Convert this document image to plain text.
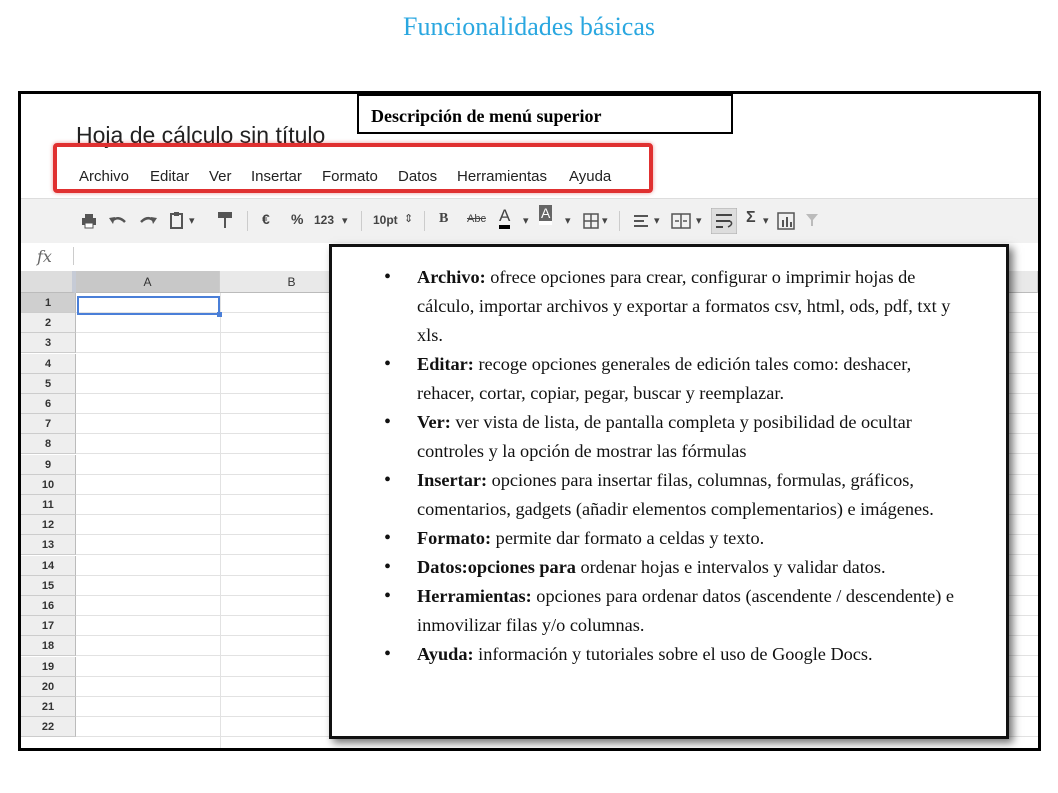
Funcionalidades básicas
Hoja de cálculo sin título
Descripción de menú superior
Archivo Editar Ver Insertar Formato Datos Herramientas Ayuda
▾	€ % 123 ▾ 10pt ⇕ B Abc A ▾ A ▾	▾	▾	▾	Σ ▾
fx
A	B
1
2
3
4
5
6
7
8
9
10
11
12
13
14
15
16
17
18
19
20
21
22
• Archivo: ofrece opciones para crear, configurar o imprimir hojas de cálculo, importar archivos y exportar a formatos csv, html, ods, pdf, txt y xls.
• Editar: recoge opciones generales de edición tales como: deshacer, rehacer, cortar, copiar, pegar, buscar y reemplazar.
• Ver: ver vista de lista, de pantalla completa y posibilidad de ocultar controles y la opción de mostrar las fórmulas
• Insertar: opciones para insertar filas, columnas, formulas, gráficos, comentarios, gadgets (añadir elementos complementarios) e imágenes.
• Formato: permite dar formato a celdas y texto.
• Datos:opciones para ordenar hojas e intervalos y validar datos.
• Herramientas: opciones para ordenar datos (ascendente / descendente) e inmovilizar filas y/o columnas.
• Ayuda: información y tutoriales sobre el uso de Google Docs.
